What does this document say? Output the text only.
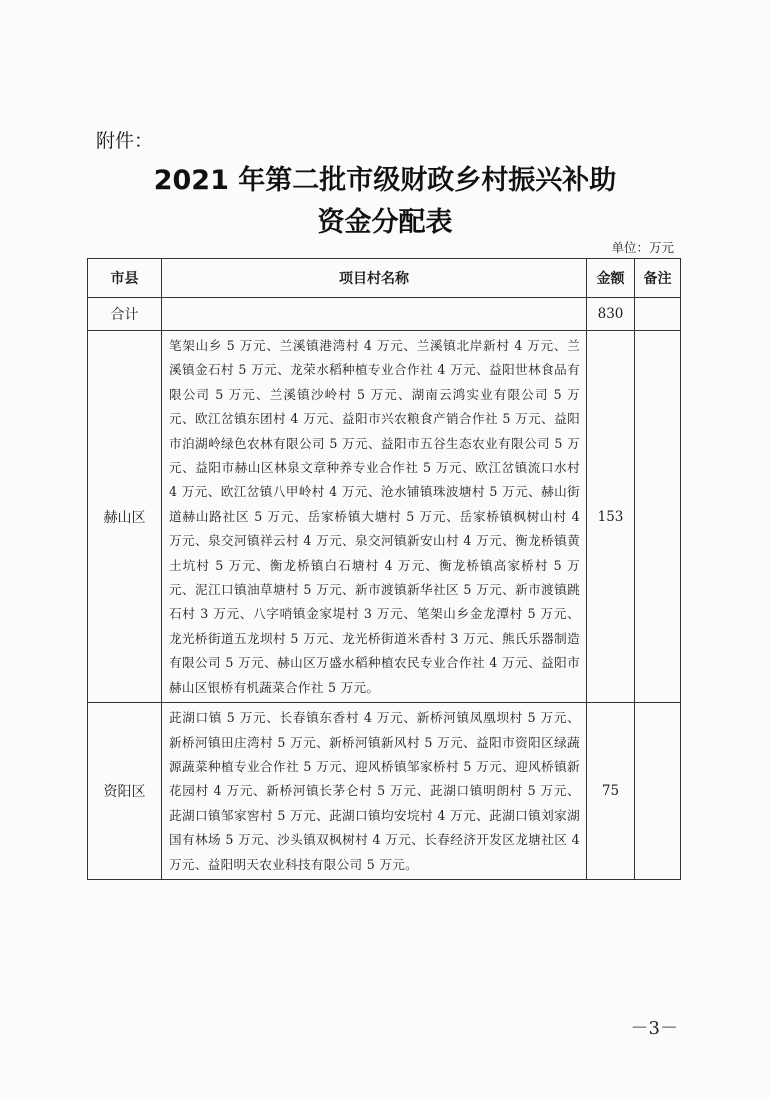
附件：
2021 年第二批市级财政乡村振兴补助
资金分配表
单位：万元
市县	项目村名称	金额	备注
合计		830	
赫山区	笔架山乡 5 万元、兰溪镇港湾村 4 万元、兰溪镇北岸新村 4 万元、兰溪镇金石村 5 万元、龙荣水稻种植专业合作社 4 万元、益阳世林食品有限公司 5 万元、兰溪镇沙岭村 5 万元、湖南云鸿实业有限公司 5 万元、欧江岔镇东团村 4 万元、益阳市兴农粮食产销合作社 5 万元、益阳市泊湖岭绿色农林有限公司 5 万元、益阳市五谷生态农业有限公司 5 万元、益阳市赫山区林泉文章种养专业合作社 5 万元、欧江岔镇流口水村 4 万元、欧江岔镇八甲岭村 4 万元、沧水铺镇珠波塘村 5 万元、赫山街道赫山路社区 5 万元、岳家桥镇大塘村 5 万元、岳家桥镇枫树山村 4 万元、泉交河镇祥云村 4 万元、泉交河镇新安山村 4 万元、衡龙桥镇黄土坑村 5 万元、衡龙桥镇白石塘村 4 万元、衡龙桥镇高家桥村 5 万元、泥江口镇油草塘村 5 万元、新市渡镇新华社区 5 万元、新市渡镇跳石村 3 万元、八字哨镇金家堤村 3 万元、笔架山乡金龙潭村 5 万元、龙光桥街道五龙坝村 5 万元、龙光桥街道米香村 3 万元、熊氏乐器制造有限公司 5 万元、赫山区万盛水稻种植农民专业合作社 4 万元、益阳市赫山区银桥有机蔬菜合作社 5 万元。	153	
资阳区	茈湖口镇 5 万元、长春镇东香村 4 万元、新桥河镇凤凰坝村 5 万元、新桥河镇田庄湾村 5 万元、新桥河镇新风村 5 万元、益阳市资阳区绿蔬源蔬菜种植专业合作社 5 万元、迎风桥镇邹家桥村 5 万元、迎风桥镇新花园村 4 万元、新桥河镇长茅仑村 5 万元、茈湖口镇明朗村 5 万元、茈湖口镇邹家窖村 5 万元、茈湖口镇均安垸村 4 万元、茈湖口镇刘家湖国有林场 5 万元、沙头镇双枫树村 4 万元、长春经济开发区龙塘社区 4 万元、益阳明天农业科技有限公司 5 万元。	75	
－3－
